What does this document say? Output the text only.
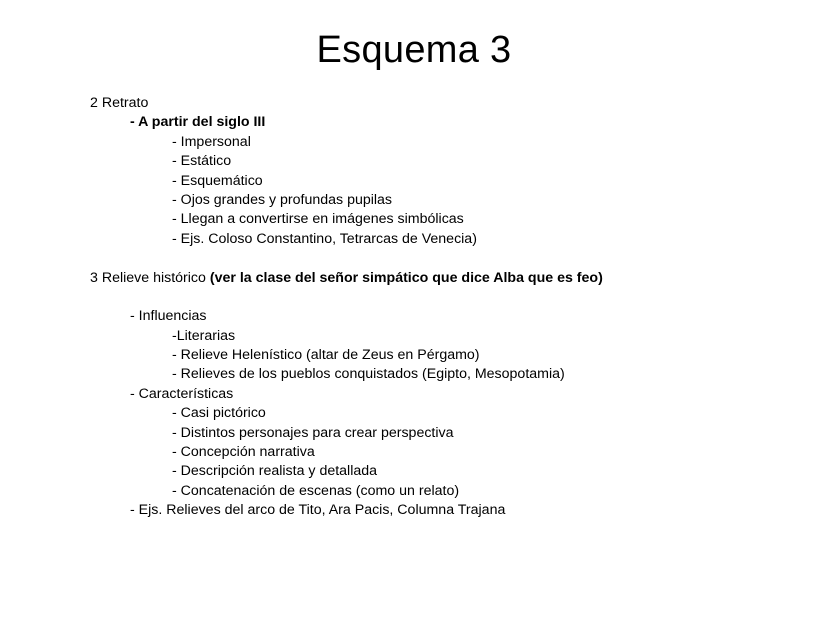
Esquema 3
2 Retrato
- A partir del siglo III
- Impersonal
- Estático
- Esquemático
- Ojos grandes y profundas pupilas
- Llegan a convertirse en imágenes simbólicas
- Ejs. Coloso Constantino, Tetrarcas de Venecia)
3 Relieve histórico (ver la clase del señor simpático que dice Alba que es feo)
- Influencias
-Literarias
- Relieve Helenístico (altar de Zeus en Pérgamo)
- Relieves de los pueblos conquistados (Egipto, Mesopotamia)
- Características
- Casi pictórico
- Distintos personajes para crear perspectiva
- Concepción narrativa
- Descripción realista y detallada
- Concatenación de escenas (como un relato)
- Ejs. Relieves del arco de Tito, Ara Pacis, Columna Trajana
